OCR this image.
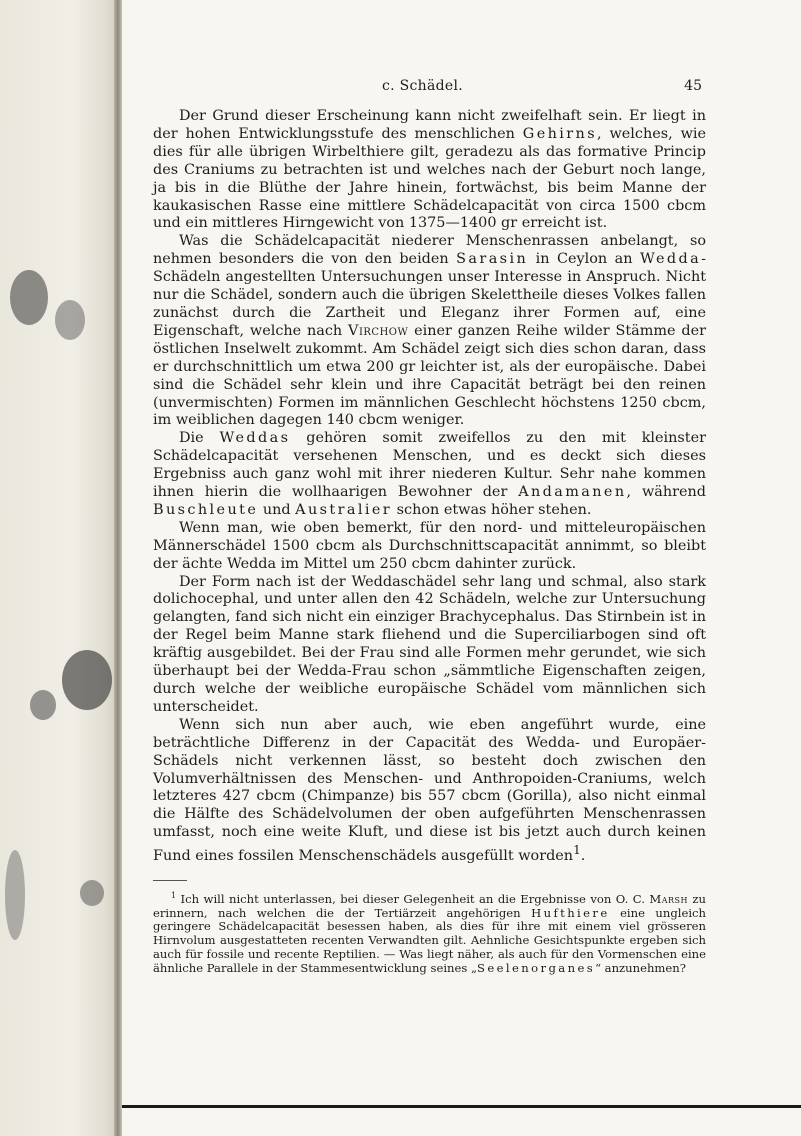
c. Schädel.	45

Der Grund dieser Erscheinung kann nicht zweifelhaft sein. Er liegt in der hohen Entwicklungsstufe des menschlichen Gehirns, welches, wie dies für alle übrigen Wirbelthiere gilt, geradezu als das formative Princip des Craniums zu betrachten ist und welches nach der Geburt noch lange, ja bis in die Blüthe der Jahre hinein, fortwächst, bis beim Manne der kaukasischen Rasse eine mittlere Schädelcapacität von circa 1500 cbcm und ein mittleres Hirngewicht von 1375—1400 gr erreicht ist.

Was die Schädelcapacität niederer Menschenrassen anbelangt, so nehmen besonders die von den beiden Sarasin in Ceylon an Wedda-Schädeln angestellten Untersuchungen unser Interesse in Anspruch. Nicht nur die Schädel, sondern auch die übrigen Skelettheile dieses Volkes fallen zunächst durch die Zartheit und Eleganz ihrer Formen auf, eine Eigenschaft, welche nach Virchow einer ganzen Reihe wilder Stämme der östlichen Inselwelt zukommt. Am Schädel zeigt sich dies schon daran, dass er durchschnittlich um etwa 200 gr leichter ist, als der europäische. Dabei sind die Schädel sehr klein und ihre Capacität beträgt bei den reinen (unvermischten) Formen im männlichen Geschlecht höchstens 1250 cbcm, im weiblichen dagegen 140 cbcm weniger.

Die Weddas gehören somit zweifellos zu den mit kleinster Schädelcapacität versehenen Menschen, und es deckt sich dieses Ergebniss auch ganz wohl mit ihrer niederen Kultur. Sehr nahe kommen ihnen hierin die wollhaarigen Bewohner der Andamanen, während Buschleute und Australier schon etwas höher stehen.

Wenn man, wie oben bemerkt, für den nord- und mitteleuropäischen Männerschädel 1500 cbcm als Durchschnittscapacität annimmt, so bleibt der ächte Wedda im Mittel um 250 cbcm dahinter zurück.

Der Form nach ist der Weddaschädel sehr lang und schmal, also stark dolichocephal, und unter allen den 42 Schädeln, welche zur Untersuchung gelangten, fand sich nicht ein einziger Brachycephalus. Das Stirnbein ist in der Regel beim Manne stark fliehend und die Superciliarbogen sind oft kräftig ausgebildet. Bei der Frau sind alle Formen mehr gerundet, wie sich überhaupt bei der Wedda-Frau schon „sämmtliche Eigenschaften zeigen, durch welche der weibliche europäische Schädel vom männlichen sich unterscheidet.

Wenn sich nun aber auch, wie eben angeführt wurde, eine beträchtliche Differenz in der Capacität des Wedda- und Europäer-Schädels nicht verkennen lässt, so besteht doch zwischen den Volumverhältnissen des Menschen- und Anthropoiden-Craniums, welch letzteres 427 cbcm (Chimpanze) bis 557 cbcm (Gorilla), also nicht einmal die Hälfte des Schädelvolumen der oben aufgeführten Menschenrassen umfasst, noch eine weite Kluft, und diese ist bis jetzt auch durch keinen Fund eines fossilen Menschenschädels ausgefüllt worden$^1$.

$^1$ Ich will nicht unterlassen, bei dieser Gelegenheit an die Ergebnisse von O. C. Marsh zu erinnern, nach welchen die der Tertiärzeit angehörigen Hufthiere eine ungleich geringere Schädelcapacität besessen haben, als dies für ihre mit einem viel grösseren Hirnvolum ausgestatteten recenten Verwandten gilt. Aehnliche Gesichtspunkte ergeben sich auch für fossile und recente Reptilien. — Was liegt näher, als auch für den Vormenschen eine ähnliche Parallele in der Stammesentwicklung seines „Seelenorganes“ anzunehmen?
